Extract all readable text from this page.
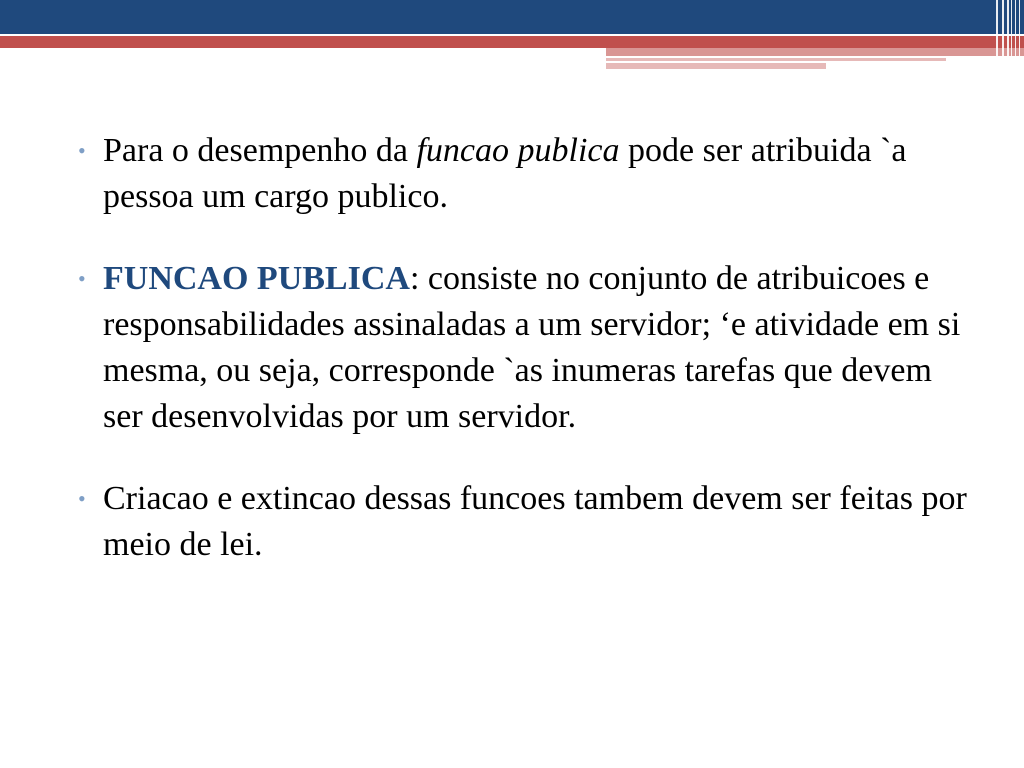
• Para o desempenho da funcao publica pode ser atribuida `a pessoa um cargo publico.
• FUNCAO PUBLICA: consiste no conjunto de atribuicoes e responsabilidades assinaladas a um servidor; ‘e atividade em si mesma, ou seja, corresponde `as inumeras tarefas que devem ser desenvolvidas por um servidor.
• Criacao e extincao dessas funcoes tambem devem ser feitas por meio de lei.
